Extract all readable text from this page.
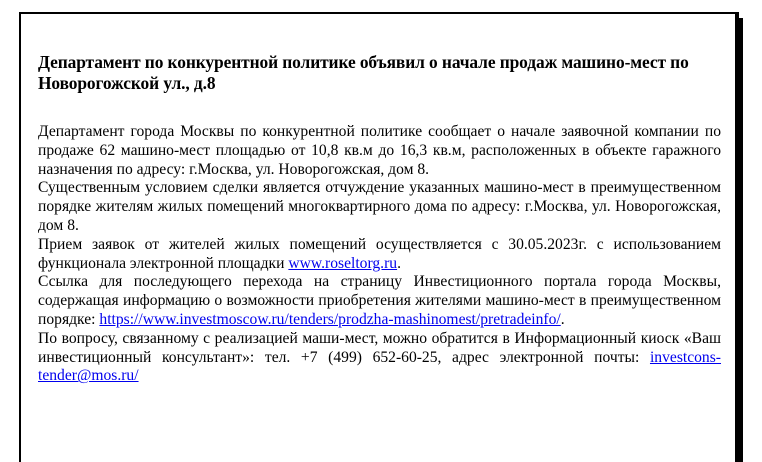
Департамент по конкурентной политике объявил о начале продаж машино-мест по Новорогожской ул., д.8

Департамент города Москвы по конкурентной политике сообщает о начале заявочной компании по продаже 62 машино-мест площадью от 10,8 кв.м до 16,3 кв.м, расположенных в объекте гаражного назначения по адресу: г.Москва, ул. Новорогожская, дом 8.

Существенным условием сделки является отчуждение указанных машино-мест в преимущественном порядке жителям жилых помещений многоквартирного дома по адресу: г.Москва, ул. Новорогожская, дом 8.

Прием заявок от жителей жилых помещений осуществляется с 30.05.2023г. с использованием функционала электронной площадки www.roseltorg.ru.

Ссылка для последующего перехода на страницу Инвестиционного портала города Москвы, содержащая информацию о возможности приобретения жителями машино-мест в преимущественном порядке: https://www.investmoscow.ru/tenders/prodzha-mashinomest/pretradeinfo/.

По вопросу, связанному с реализацией маши-мест, можно обратится в Информационный киоск «Ваш инвестиционный консультант»: тел. +7 (499) 652-60-25, адрес электронной почты: investcons-tender@mos.ru/
